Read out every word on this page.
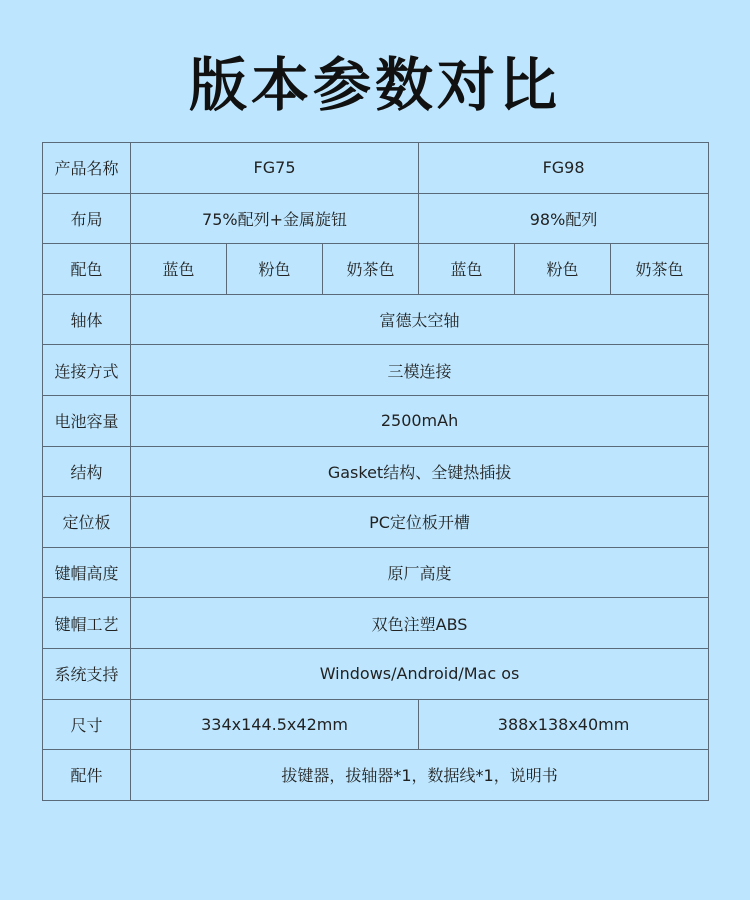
版本参数对比
产品名称	FG75			FG98		
布局	75%配列+金属旋钮			98%配列		
配色	蓝色	粉色	奶茶色	蓝色	粉色	奶茶色
轴体	富德太空轴					
连接方式	三模连接					
电池容量	2500mAh					
结构	Gasket结构、全键热插拔					
定位板	PC定位板开槽					
键帽高度	原厂高度					
键帽工艺	双色注塑ABS					
系统支持	Windows/Android/Mac os					
尺寸	334x144.5x42mm			388x138x40mm		
配件	拔键器，拔轴器*1，数据线*1，说明书					
